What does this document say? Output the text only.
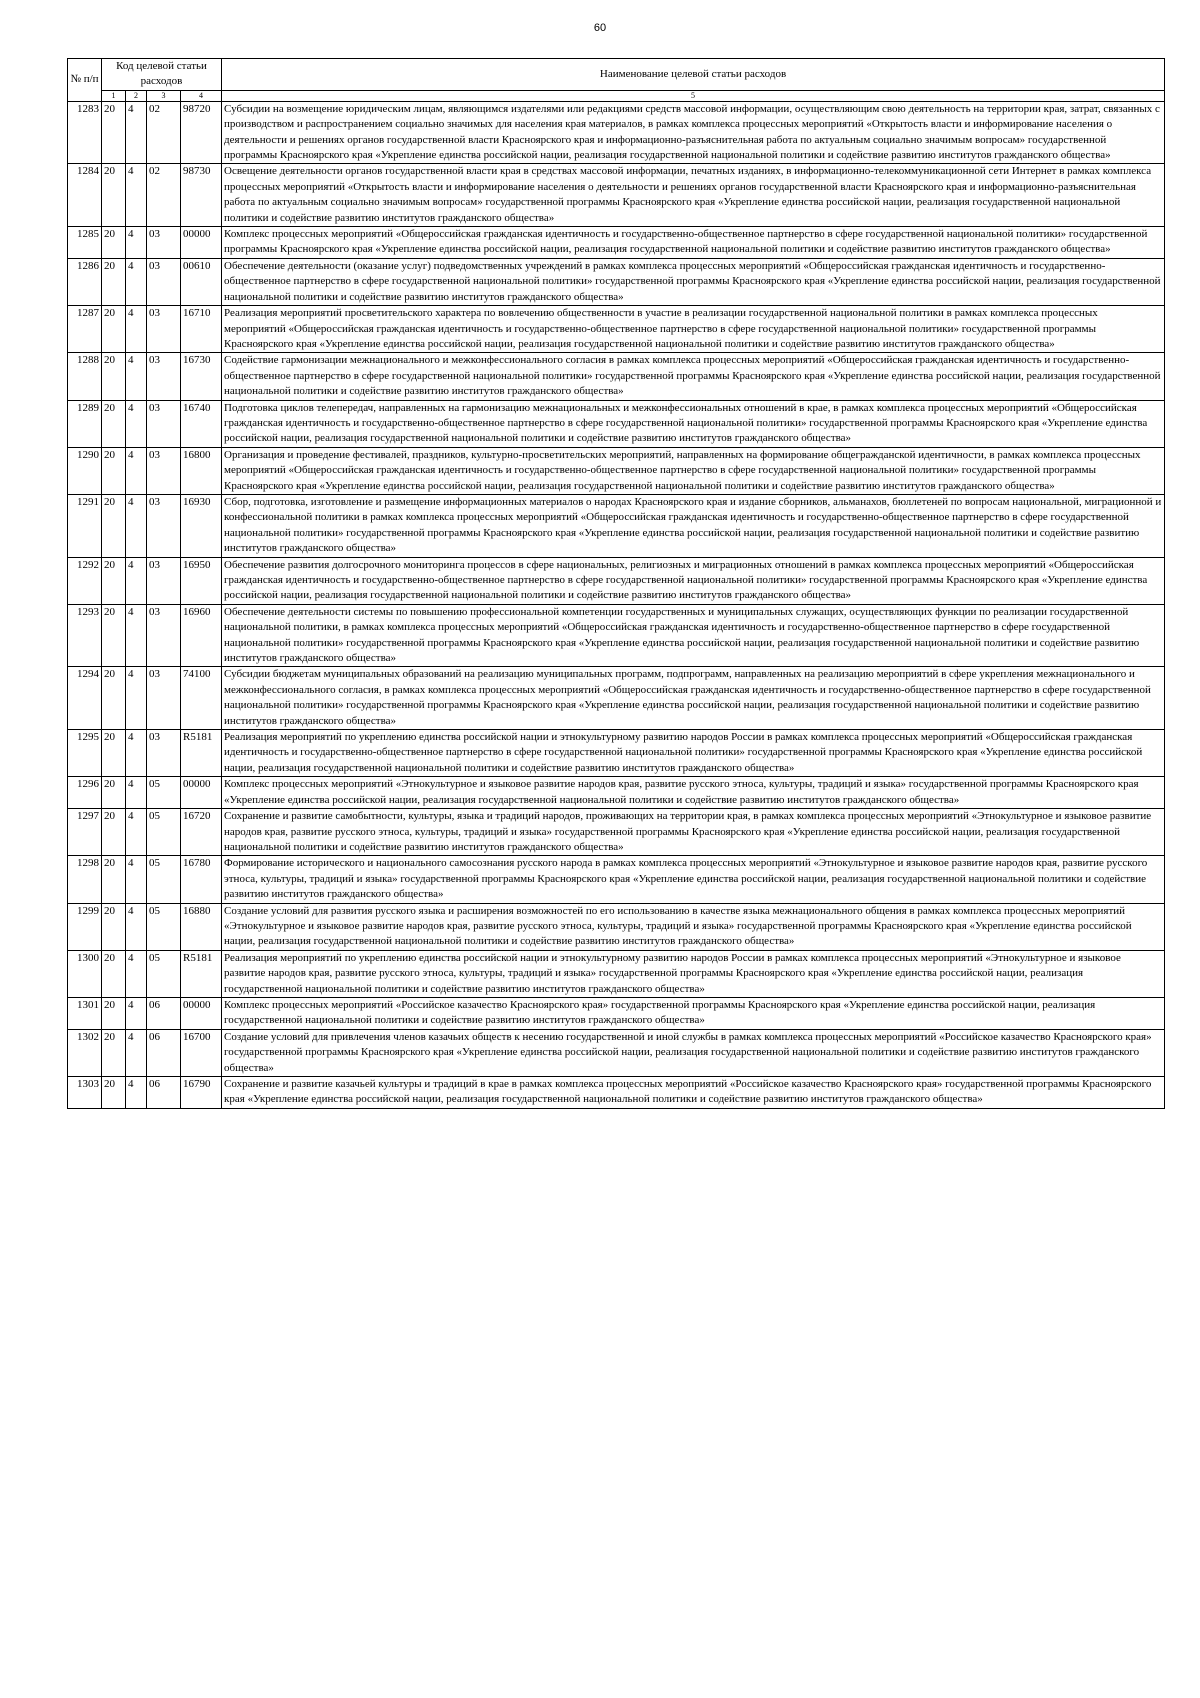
60
№ п/п	Код целевой статьи расходов				Наименование целевой статьи расходов
	1	2	3	4	5
1283	20	4	02	98720	Субсидии на возмещение юридическим лицам, являющимся издателями или редакциями средств массовой информации, осуществляющим свою деятельность на территории края, затрат, связанных с производством и распространением социально значимых для населения края материалов, в рамках комплекса процессных мероприятий «Открытость власти и информирование населения о деятельности и решениях органов государственной власти Красноярского края и информационно-разъяснительная работа по актуальным социально значимым вопросам» государственной программы Красноярского края «Укрепление единства российской нации, реализация государственной национальной политики и содействие развитию институтов гражданского общества»
1284	20	4	02	98730	Освещение деятельности органов государственной власти края в средствах массовой информации, печатных изданиях, в информационно-телекоммуникационной сети Интернет в рамках комплекса процессных мероприятий «Открытость власти и информирование населения о деятельности и решениях органов государственной власти Красноярского края и информационно-разъяснительная работа по актуальным социально значимым вопросам» государственной программы Красноярского края «Укрепление единства российской нации, реализация государственной национальной политики и содействие развитию институтов гражданского общества»
1285	20	4	03	00000	Комплекс процессных мероприятий «Общероссийская гражданская идентичность и государственно-общественное партнерство в сфере государственной национальной политики» государственной программы Красноярского края «Укрепление единства российской нации, реализация государственной национальной политики и содействие развитию институтов гражданского общества»
1286	20	4	03	00610	Обеспечение деятельности (оказание услуг) подведомственных учреждений в рамках комплекса процессных мероприятий «Общероссийская гражданская идентичность и государственно-общественное партнерство в сфере государственной национальной политики» государственной программы Красноярского края «Укрепление единства российской нации, реализация государственной национальной политики и содействие развитию институтов гражданского общества»
1287	20	4	03	16710	Реализация мероприятий просветительского характера по вовлечению общественности в участие в реализации государственной национальной политики в рамках комплекса процессных мероприятий «Общероссийская гражданская идентичность и государственно-общественное партнерство в сфере государственной национальной политики» государственной программы Красноярского края «Укрепление единства российской нации, реализация государственной национальной политики и содействие развитию институтов гражданского общества»
1288	20	4	03	16730	Содействие гармонизации межнационального и межконфессионального согласия в рамках комплекса процессных мероприятий «Общероссийская гражданская идентичность и государственно-общественное партнерство в сфере государственной национальной политики» государственной программы Красноярского края «Укрепление единства российской нации, реализация государственной национальной политики и содействие развитию институтов гражданского общества»
1289	20	4	03	16740	Подготовка циклов телепередач, направленных на гармонизацию межнациональных и межконфессиональных отношений в крае, в рамках комплекса процессных мероприятий «Общероссийская гражданская идентичность и государственно-общественное партнерство в сфере государственной национальной политики» государственной программы Красноярского края «Укрепление единства российской нации, реализация государственной национальной политики и содействие развитию институтов гражданского общества»
1290	20	4	03	16800	Организация и проведение фестивалей, праздников, культурно-просветительских мероприятий, направленных на формирование общегражданской идентичности, в рамках комплекса процессных мероприятий «Общероссийская гражданская идентичность и государственно-общественное партнерство в сфере государственной национальной политики» государственной программы Красноярского края «Укрепление единства российской нации, реализация государственной национальной политики и содействие развитию институтов гражданского общества»
1291	20	4	03	16930	Сбор, подготовка, изготовление и размещение информационных материалов о народах Красноярского края и издание сборников, альманахов, бюллетеней по вопросам национальной, миграционной и конфессиональной политики в рамках комплекса процессных мероприятий «Общероссийская гражданская идентичность и государственно-общественное партнерство в сфере государственной национальной политики» государственной программы Красноярского края «Укрепление единства российской нации, реализация государственной национальной политики и содействие развитию институтов гражданского общества»
1292	20	4	03	16950	Обеспечение развития долгосрочного мониторинга процессов в сфере национальных, религиозных и миграционных отношений в рамках комплекса процессных мероприятий «Общероссийская гражданская идентичность и государственно-общественное партнерство в сфере государственной национальной политики» государственной программы Красноярского края «Укрепление единства российской нации, реализация государственной национальной политики и содействие развитию институтов гражданского общества»
1293	20	4	03	16960	Обеспечение деятельности системы по повышению профессиональной компетенции государственных и муниципальных служащих, осуществляющих функции по реализации государственной национальной политики, в рамках комплекса процессных мероприятий «Общероссийская гражданская идентичность и государственно-общественное партнерство в сфере государственной национальной политики» государственной программы Красноярского края «Укрепление единства российской нации, реализация государственной национальной политики и содействие развитию институтов гражданского общества»
1294	20	4	03	74100	Субсидии бюджетам муниципальных образований на реализацию муниципальных программ, подпрограмм, направленных на реализацию мероприятий в сфере укрепления межнационального и межконфессионального согласия, в рамках комплекса процессных мероприятий «Общероссийская гражданская идентичность и государственно-общественное партнерство в сфере государственной национальной политики» государственной программы Красноярского края «Укрепление единства российской нации, реализация государственной национальной политики и содействие развитию институтов гражданского общества»
1295	20	4	03	R5181	Реализация мероприятий по укреплению единства российской нации и этнокультурному развитию народов России в рамках комплекса процессных мероприятий «Общероссийская гражданская идентичность и государственно-общественное партнерство в сфере государственной национальной политики» государственной программы Красноярского края «Укрепление единства российской нации, реализация государственной национальной политики и содействие развитию институтов гражданского общества»
1296	20	4	05	00000	Комплекс процессных мероприятий «Этнокультурное и языковое развитие народов края, развитие русского этноса, культуры, традиций и языка» государственной программы Красноярского края «Укрепление единства российской нации, реализация государственной национальной политики и содействие развитию институтов гражданского общества»
1297	20	4	05	16720	Сохранение и развитие самобытности, культуры, языка и традиций народов, проживающих на территории края, в рамках комплекса процессных мероприятий «Этнокультурное и языковое развитие народов края, развитие русского этноса, культуры, традиций и языка» государственной программы Красноярского края «Укрепление единства российской нации, реализация государственной национальной политики и содействие развитию институтов гражданского общества»
1298	20	4	05	16780	Формирование исторического и национального самосознания русского народа в рамках комплекса процессных мероприятий «Этнокультурное и языковое развитие народов края, развитие русского этноса, культуры, традиций и языка» государственной программы Красноярского края «Укрепление единства российской нации, реализация государственной национальной политики и содействие развитию институтов гражданского общества»
1299	20	4	05	16880	Создание условий для развития русского языка и расширения возможностей по его использованию в качестве языка межнационального общения в рамках комплекса процессных мероприятий «Этнокультурное и языковое развитие народов края, развитие русского этноса, культуры, традиций и языка» государственной программы Красноярского края «Укрепление единства российской нации, реализация государственной национальной политики и содействие развитию институтов гражданского общества»
1300	20	4	05	R5181	Реализация мероприятий по укреплению единства российской нации и этнокультурному развитию народов России в рамках комплекса процессных мероприятий «Этнокультурное и языковое развитие народов края, развитие русского этноса, культуры, традиций и языка» государственной программы Красноярского края «Укрепление единства российской нации, реализация государственной национальной политики и содействие развитию институтов гражданского общества»
1301	20	4	06	00000	Комплекс процессных мероприятий «Российское казачество Красноярского края» государственной программы Красноярского края «Укрепление единства российской нации, реализация государственной национальной политики и содействие развитию институтов гражданского общества»
1302	20	4	06	16700	Создание условий для привлечения членов казачьих обществ к несению государственной и иной службы в рамках комплекса процессных мероприятий «Российское казачество Красноярского края» государственной программы Красноярского края «Укрепление единства российской нации, реализация государственной национальной политики и содействие развитию институтов гражданского общества»
1303	20	4	06	16790	Сохранение и развитие казачьей культуры и традиций в крае в рамках комплекса процессных мероприятий «Российское казачество Красноярского края» государственной программы Красноярского края «Укрепление единства российской нации, реализация государственной национальной политики и содействие развитию институтов гражданского общества»
